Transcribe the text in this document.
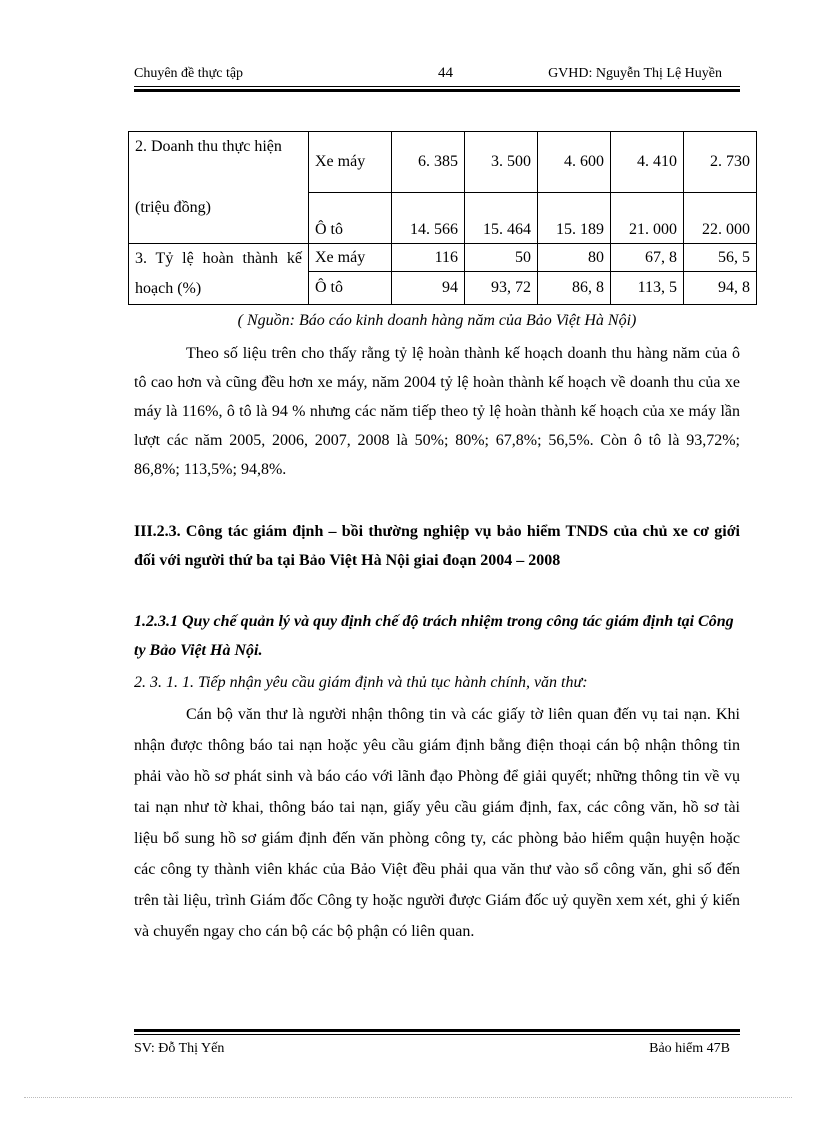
Chuyên đề thực tập	44	GVHD: Nguyễn Thị Lệ Huyền
2. Doanh thu thực hiện	Xe máy	6. 385	3. 500	4. 600	4. 410	2. 730
(triệu đồng)	Ô tô	14. 566	15. 464	15. 189	21. 000	22. 000
3. Tỷ lệ hoàn thành kế hoạch (%)	Xe máy	116	50	80	67, 8	56, 5
	Ô tô	94	93, 72	86, 8	113, 5	94, 8
( Nguồn: Báo cáo kinh doanh hàng năm của Bảo Việt Hà Nội)

Theo số liệu trên cho thấy rằng tỷ lệ hoàn thành kế hoạch doanh thu hàng năm của ô tô cao hơn và cũng đều hơn xe máy, năm 2004 tỷ lệ hoàn thành kế hoạch về doanh thu của xe máy là 116%, ô tô là 94 % nhưng các năm tiếp theo tỷ lệ hoàn thành kế hoạch của xe máy lần lượt các năm 2005, 2006, 2007, 2008 là 50%; 80%; 67,8%; 56,5%. Còn ô tô là 93,72%; 86,8%; 113,5%; 94,8%.

III.2.3. Công tác giám định – bồi thường nghiệp vụ bảo hiểm TNDS của chủ xe cơ giới đối với người thứ ba tại Bảo Việt Hà Nội giai đoạn 2004 – 2008
1.2.3.1 Quy chế quản lý và quy định chế độ trách nhiệm trong công tác giám định tại Công ty Bảo Việt Hà Nội.
2. 3. 1. 1. Tiếp nhận yêu cầu giám định và thủ tục hành chính, văn thư:

Cán bộ văn thư là người nhận thông tin và các giấy tờ liên quan đến vụ tai nạn. Khi nhận được thông báo tai nạn hoặc yêu cầu giám định bằng điện thoại cán bộ nhận thông tin phải vào hồ sơ phát sinh và báo cáo với lãnh đạo Phòng để giải quyết; những thông tin về vụ tai nạn như tờ khai, thông báo tai nạn, giấy yêu cầu giám định, fax, các công văn, hồ sơ tài liệu bổ sung hồ sơ giám định đến văn phòng công ty, các phòng bảo hiểm quận huyện hoặc các công ty thành viên khác của Bảo Việt đều phải qua văn thư vào sổ công văn, ghi số đến trên tài liệu, trình Giám đốc Công ty hoặc người được Giám đốc uỷ quyền xem xét, ghi ý kiến và chuyển ngay cho cán bộ các bộ phận có liên quan.

SV: Đỗ Thị Yến	Bảo hiểm 47B
